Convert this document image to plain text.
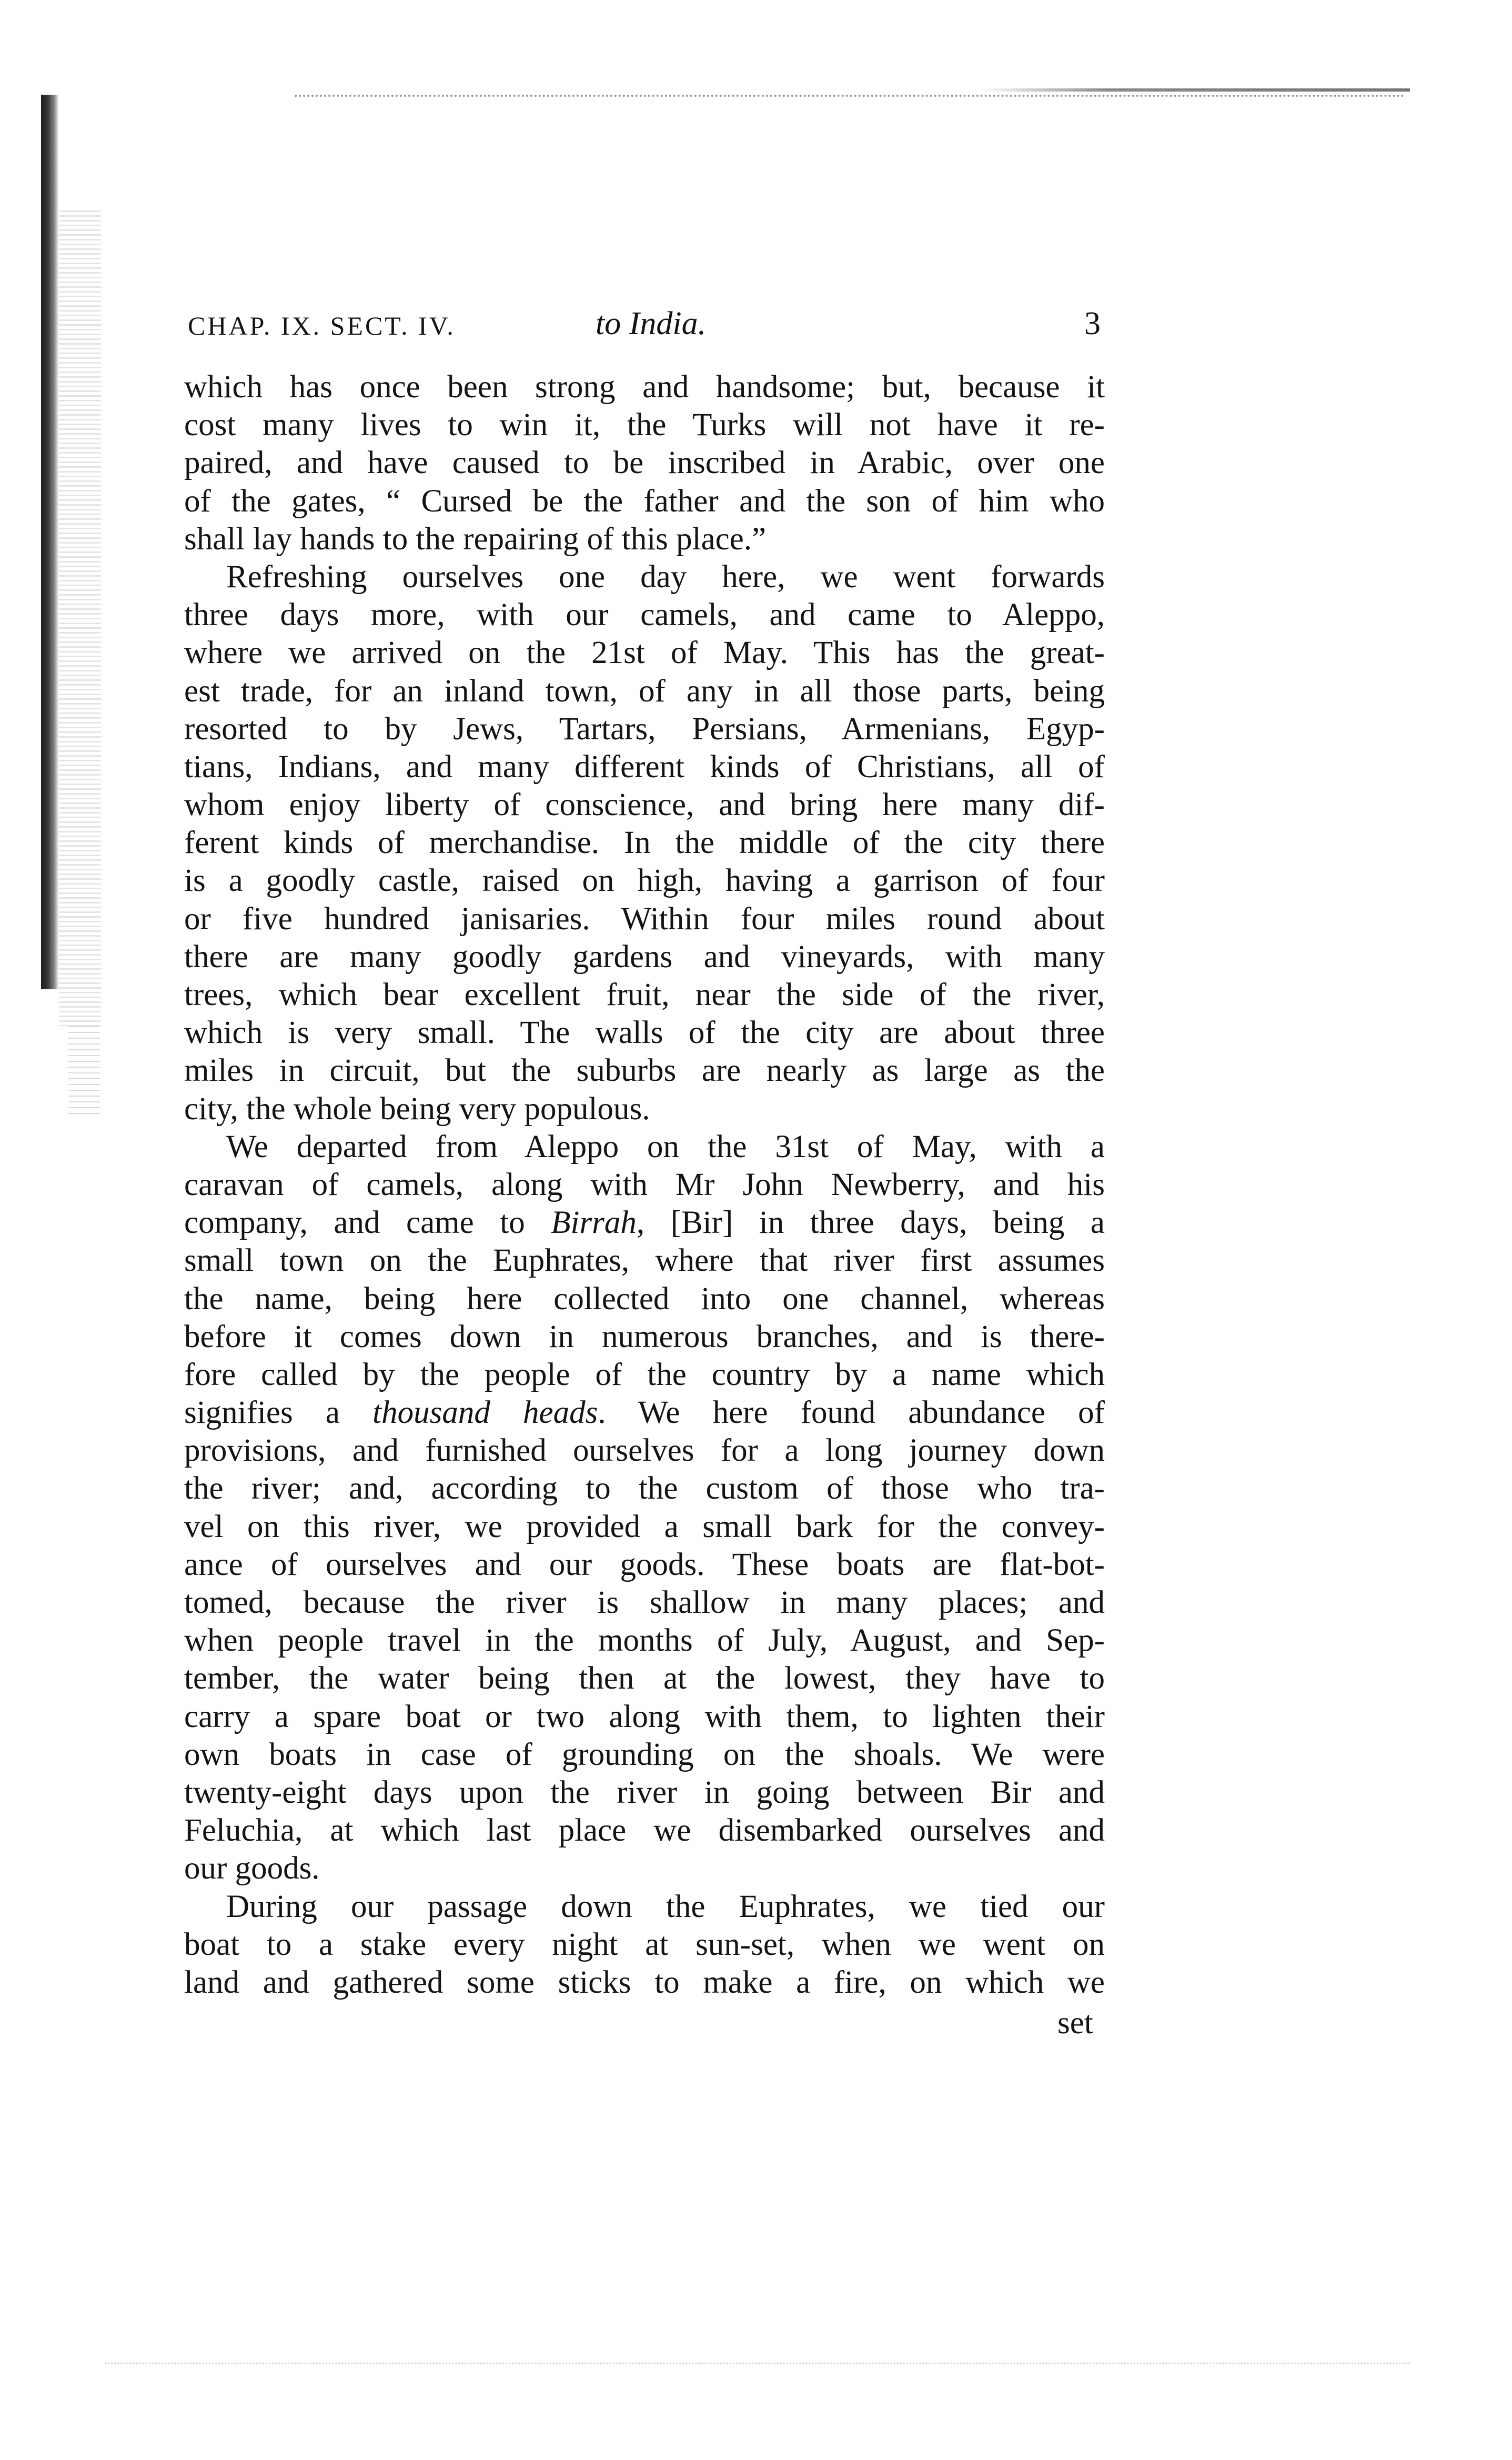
CHAP. IX. SECT. IV.	to India.	3
which has once been strong and handsome; but, because it
cost many lives to win it, the Turks will not have it re-
paired, and have caused to be inscribed in Arabic, over one
of the gates, “ Cursed be the father and the son of him who
shall lay hands to the repairing of this place.”
Refreshing ourselves one day here, we went forwards
three days more, with our camels, and came to Aleppo,
where we arrived on the 21st of May. This has the great-
est trade, for an inland town, of any in all those parts, being
resorted to by Jews, Tartars, Persians, Armenians, Egyp-
tians, Indians, and many different kinds of Christians, all of
whom enjoy liberty of conscience, and bring here many dif-
ferent kinds of merchandise. In the middle of the city there
is a goodly castle, raised on high, having a garrison of four
or five hundred janisaries. Within four miles round about
there are many goodly gardens and vineyards, with many
trees, which bear excellent fruit, near the side of the river,
which is very small. The walls of the city are about three
miles in circuit, but the suburbs are nearly as large as the
city, the whole being very populous.
We departed from Aleppo on the 31st of May, with a
caravan of camels, along with Mr John Newberry, and his
company, and came to Birrah, [Bir] in three days, being a
small town on the Euphrates, where that river first assumes
the name, being here collected into one channel, whereas
before it comes down in numerous branches, and is there-
fore called by the people of the country by a name which
signifies a thousand heads. We here found abundance of
provisions, and furnished ourselves for a long journey down
the river; and, according to the custom of those who tra-
vel on this river, we provided a small bark for the convey-
ance of ourselves and our goods. These boats are flat-bot-
tomed, because the river is shallow in many places; and
when people travel in the months of July, August, and Sep-
tember, the water being then at the lowest, they have to
carry a spare boat or two along with them, to lighten their
own boats in case of grounding on the shoals. We were
twenty-eight days upon the river in going between Bir and
Feluchia, at which last place we disembarked ourselves and
our goods.
During our passage down the Euphrates, we tied our
boat to a stake every night at sun-set, when we went on
land and gathered some sticks to make a fire, on which we
set
